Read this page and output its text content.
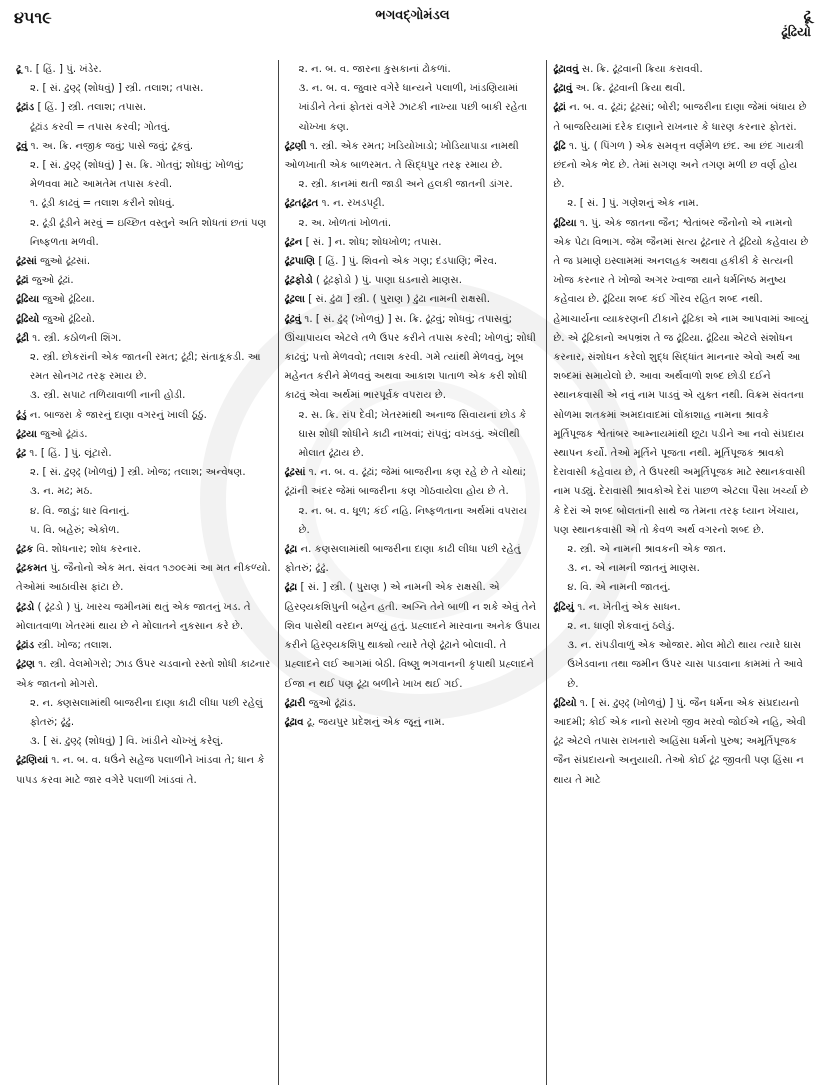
૪૫૧૯	ભગવદ્ગોમંડલ	ઢૂ
ઢૂંઢિયો

ઢૂ ૧. [ હિં. ] પું. ખંડેર.

૨. [ સં. ઢુણ્ઢ્ (શોધવું) ] સ્ત્રી. તલાશ; તપાસ.

ઢૂંઢાંડ [ હિં. ] સ્ત્રી. તલાશ; તપાસ.

ઢૂંઢાંડ કરવી = તપાસ કરવી; ગોતવું.

ઢૂવું ૧. અ. ક્રિ. નજીક જવું; પાસે જવું; ઢૂકવું.

૨. [ સં. ઢુણ્ઢ્ (શોધવું) ] સ. ક્રિ. ગોતવું; શોધવું; ખોળવું; મેળવવા માટે આમતેમ તપાસ કરવી.

૧. ઢૂંડી કાઢવું = તલાશ કરીને શોધવું.

૨. ઢૂંડી ઢૂંડીને મરવું = ઇચ્છિત વસ્તુને અતિ શોધતાં છતાં પણ નિષ્ફળતા મળવી.

ઢૂંઢસાં જુઓ ઢૂંઢસાં.

ઢૂંઢાં જુઓ ઢૂંઢાં.

ઢૂંઢિયા જુઓ ઢૂંઢિયા.

ઢૂંઢિયો જુઓ ઢૂંઢિયો.

ઢૂંઢી ૧. સ્ત્રી. કઠોળની શિંગ.

૨. સ્ત્રી. છોકરાંની એક જાતની રમત; ઢૂંઢી; સંતાકૂકડી. આ રમત સોનગઢ તરફ રમાય છે.

૩. સ્ત્રી. સપાટ તળિયાવાળી નાની હોડી.

ઢૂંડું ન. બાજરા કે જારનું દાણા વગરનું ખાલી ઠૂંઠું.

ઢૂંઢયા જુઓ ઢૂંઢાંડ.

ઢૂંઢ ૧. [ હિં. ] પું. લૂંટારો.

૨. [ સં. ઢુણ્ઢ્ (ખોળવું) ] સ્ત્રી. ખોજ; તલાશ; અન્વેષણ.

૩. ન. મઢ; મઠ.

૪. વિ. જાડું; ધાર વિનાનું.

૫. વિ. બહેરું; એકોળ.

ઢૂંઢક વિ. શોધનાર; શોધ કરનાર.

ઢૂંઢકમત પું. જૈનોનો એક મત. સંવત ૧૭૦૯માં આ મત નીકળ્યો. તેઓમાં આઠાવીસ ફાંટા છે.

ઢૂંઢડો ( ઢૂંઢડો ) પું. ખારચ જમીનમાં થતું એક જાતનું ખડ. તે મોલાતવાળા ખેતરમાં થાય છે ને મોલાતને નુકસાન કરે છે.

ઢૂંઢાંડ સ્ત્રી. ખોજ; તલાશ.

ઢૂંઢણ ૧. સ્ત્રી. વેલમોગરો; ઝાડ ઉપર ચડવાનો રસ્તો શોધી કાઢનાર એક જાતનો મોગરો.

૨. ન. ક્ણસલામાંથી બાજરીના દાણા કાઢી લીધા પછી રહેલું ફોતરું; ઢૂંઢું.

૩. [ સં. ઢુણ્ઢ્ (શોધવું) ] વિ. ખાંડીને ચોખ્ખું કરેલું.

ઢૂંઢણિયાં ૧. ન. બ. વ. ધઉંને સહેજ પલાળીને ખાંડવા તે; ધાન કે પાપડ કરવા માટે જાર વગેરે પલાળી ખાંડવાં તે.

૨. ન. બ. વ. જારના કુસકાનાં ઢોકળાં.

૩. ન. બ. વ. જુવાર વગેરે ધાન્યને પલાળી, ખાંડણિયામાં ખાંડીને તેનાં ફોતરાં વગેરે ઝાટકી નાખ્યા પછી બાકી રહેતા ચોખ્ખા કણ.

ઢૂંઢણી ૧. સ્ત્રી. એક રમત; ખડિયોખાડો; ખોડિયાપાડા નામથી ઓળખાતી એક બાળરમત. તે સિદ્ધપુર તરફ રમાય છે.

૨. સ્ત્રી. કાનમાં થતી જાડી અને હલકી જાતની ડાંગર.

ઢૂંઢતઢૂંઢત ૧. ન. રખડપટ્ટી.

૨. અ. ખોળતાં ખોળતાં.

ઢૂંઢન [ સં. ] ન. શોધ; શોધખોળ; તપાસ.

ઢૂંઢપાણિ [ હિં. ] પું. શિવનો એક ગણ; દંડપાણિ; ભૈરવ.

ઢૂંઢફોડો ( ઢૂંઢફોડો ) પું. પાણા ઘડનારો માણસ.

ઢૂંઢલા [ સં. ઢુંઢા ] સ્ત્રી. ( પુરાણ ) ઢુંઢા નામની રાક્ષસી.

ઢૂંઢવું ૧. [ સં. ઢુંઢ્ (ખોળવું) ] સ. ક્રિ. ઢૂંઢવું; શોધવું; તપાસવું; ઊંચાપાયલ એટલે તળે ઉપર કરીને તપાસ કરવી; ખોળવું; શોધી કાઢવું; પત્તો મેળવવો; તલાશ કરવી. ગમે ત્યાંથી મેળવવું, ખૂબ મહેનત કરીને મેળવવું અથવા આકાશ પાતાળ એક કરી શોધી કાઢવું એવા અર્થમાં ભારપૂર્વક વપરાય છે.

૨. સ. ક્રિ. રાંપ દેવી; ખેતરમાંથી અનાજ સિવાયનાં છોડ કે ઘાસ શોધી શોધીને કાઢી નાખવાં; રાંપવું; વખડવું. ઍલીથી મોલાત ઢૂંઢાય છે.

ઢૂંઢસાં ૧. ન. બ. વ. ઢૂંઢાં; જેમાં બાજરીના કણ રહે છે તે ચોથાં; ઢૂંઢાંની અંદર જેમાં બાજરીના કણ ગોઠવાયેલા હોય છે તે.

૨. ન. બ. વ. ધૂળ; કંઈ નહિ. નિષ્ફળતાના અર્થમાં વપરાય છે.

ઢૂંઢા ન. કણસલામાંથી બાજરીના દાણા કાઢી લીધા પછી રહેતું ફોતરું; ઢૂંઢું.

ઢૂંઢા [ સં. ] સ્ત્રી. ( પુરાણ ) એ નામની એક રાક્ષસી. એ હિરણ્યકશિપુની બહેન હતી. અગ્નિ તેને બાળી ન શકે એવું તેને શિવ પાસેથી વરદાન મળ્યું હતું. પ્રહ્લાદને મારવાના અનેક ઉપાય કરીને હિરણ્યકશિપુ થાક્યો ત્યારે તેણે ઢૂંઢાને બોલાવી. તે પ્રહ્લાદને લઈ આગમાં બેઠી. વિષ્ણુ ભગવાનની કૃપાથી પ્રહ્લાદને ઈજા ન થઈ પણ ઢૂંઢા બળીને ખાખ થઈ ગઈ.

ઢૂંઢારી જુઓ ઢૂંઢાંડ.

ઢૂંઢાવ ઢૂ. જયપુર પ્રદેશનું એક જૂનું નામ.

ઢૂંઢાવવું સ. ક્રિ. ઢૂંઢવાની ક્રિયા કરાવવી.

ઢૂંઢાવું અ. ક્રિ. ઢૂંઢવાની ક્રિયા થવી.

ઢૂંઢાં ન. બ. વ. ઢૂંઢાં; ઢૂંઢસાં; બોરી; બાજરીના દાણા જેમાં બંધાય છે તે બાજરિયામાં દરેક દાણાને રાખનાર કે ધારણ કરનાર ફોતરાં.

ઢૂંઢિ ૧. પું. ( પિંગળ ) એક સમવૃત્ત વર્ણમેળ છંદ. આ છંદ ગાયત્રી છંદનો એક ભેદ છે. તેમાં સગણ અને તગણ મળી છ વર્ણ હોય છે.

૨. [ સં. ] પું. ગણેશનું એક નામ.

ઢૂંઢિયા ૧. પું. એક જાતના જૈન; શ્વેતાંબર જૈનોનો એ નામનો એક પેટા વિભાગ. જેમ જૈનમાં સત્ય ઢૂંઢનાર તે ઢૂંઢિયો કહેવાય છે તે જ પ્રમાણે ઇસ્લામમાં અનલહક અથવા હકીકી કે સત્યની ખોજ કરનાર તે ખોજો અગર ખ્વાજા યાને ધર્મનિષ્ઠ મનુષ્ય કહેવાય છે. ઢૂંઢિયા શબ્દ કંઈ ગૌરવ રહિત શબ્દ નથી. હેમાચાર્યના વ્યાકરણની ટીકાને ઢૂંઢિકા એ નામ આપવામાં આવ્યું છે. એ ઢૂંઢિકાનો અપભ્રંશ તે જ ઢૂંઢિયા. ઢૂંઢિયા એટલે સંશોધન કરનાર, સંશોધન કરેલો શુદ્ધ સિદ્ધાંત માનનાર એવો અર્થ આ શબ્દમાં સમાયેલો છે. આવા અર્થવાળો શબ્દ છોડી દઈને સ્થાનકવાસી એ નવું નામ પાડવું એ યુક્ત નથી. વિક્રમ સંવતના સોળમા શતકમાં અમદાવાદમાં લોંકાશાહ નામના શ્રાવકે મૂર્તિપૂજક શ્વેતાંબર આમ્નાયમાંથી છૂટા પડીને આ નવો સંપ્રદાય સ્થાપન કર્યો. તેઓ મૂર્તિને પૂજતા નથી. મૂર્તિપૂજક શ્રાવકો દેરાવાસી કહેવાય છે, તે ઉપરથી અમૂર્તિપૂજક માટે સ્થાનકવાસી નામ પડ્યું. દેરાવાસી શ્રાવકોએ દેરાં પાછળ એટલા પૈસા ખર્ચ્યા છે કે દેરાં એ શબ્દ બોલતાંની સાથે જ તેમના તરફ ધ્યાન ખેંચાય, પણ સ્થાનકવાસી એ તો કેવળ અર્થ વગરનો શબ્દ છે.

૨. સ્ત્રી. એ નામની શ્રાવકની એક જાત.

૩. ન. એ નામની જાતનું માણસ.

૪. વિ. એ નામની જાતનું.

ઢૂંઢિયું ૧. ન. ખેતીનું એક સાધન.

૨. ન. ધાણી શેકવાનું ઠલેડું.

૩. ન. રાંપડીવાળું એક ઓજાર. મોલ મોટો થાય ત્યારે ઘાસ ઉખેડવાના તથા જમીન ઉપર ચાસ પાડવાના કામમાં તે આવે છે.

ઢૂંઢિયો ૧. [ સં. ઢુણ્ઢ્ (ખોળવું) ] પું. જૈન ધર્મના એક સંપ્રદાયનો આદમી; કોઈ એક નાનો સરખો જીવ મરવો જોઈએ નહિ, એવી ઢૂંઢ એટલે તપાસ રાખનારો અહિંસા ધર્મનો પુરુષ; અમૂર્તિપૂજક જૈન સંપ્રદાયનો અનુયાયી. તેઓ કોઈ ઢૂંઢ જીવતી પણ હિંસા ન થાય તે માટે
